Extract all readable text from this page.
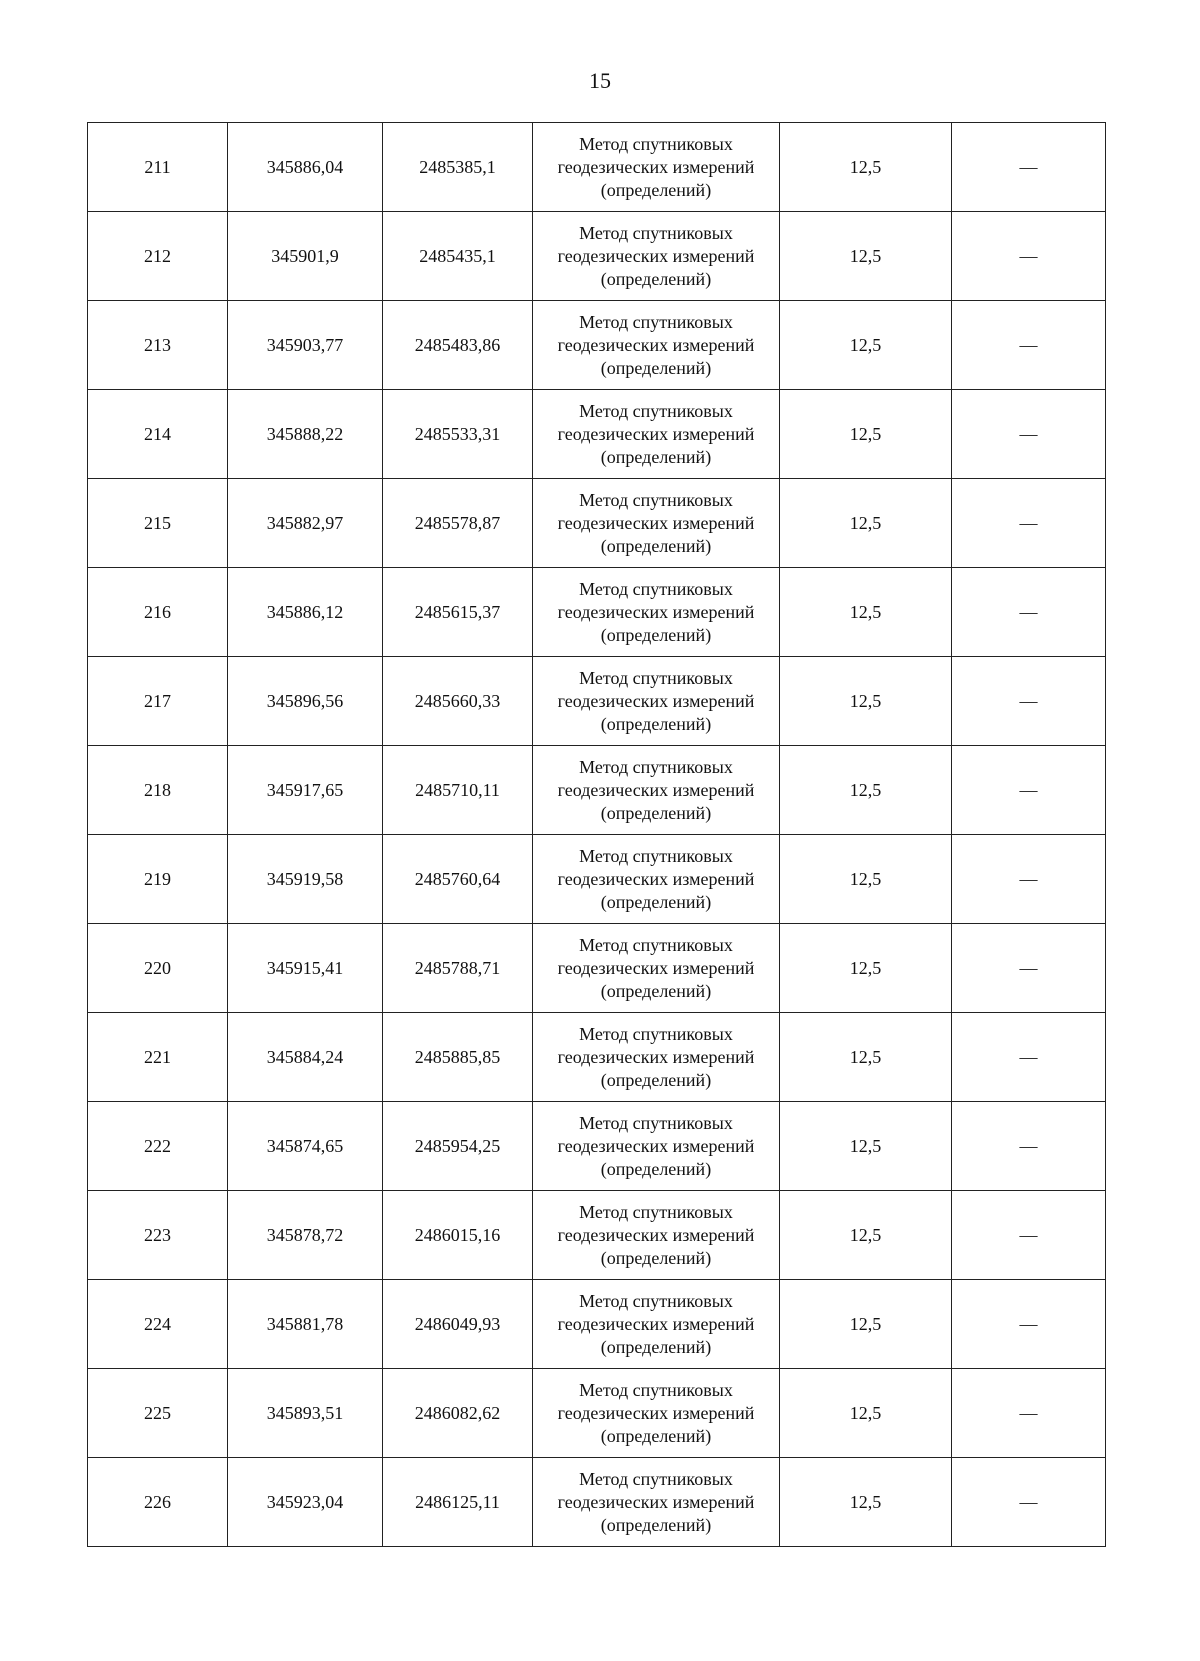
15
211	345886,04	2485385,1	Метод спутниковых геодезических измерений (определений)	12,5	—
212	345901,9	2485435,1	Метод спутниковых геодезических измерений (определений)	12,5	—
213	345903,77	2485483,86	Метод спутниковых геодезических измерений (определений)	12,5	—
214	345888,22	2485533,31	Метод спутниковых геодезических измерений (определений)	12,5	—
215	345882,97	2485578,87	Метод спутниковых геодезических измерений (определений)	12,5	—
216	345886,12	2485615,37	Метод спутниковых геодезических измерений (определений)	12,5	—
217	345896,56	2485660,33	Метод спутниковых геодезических измерений (определений)	12,5	—
218	345917,65	2485710,11	Метод спутниковых геодезических измерений (определений)	12,5	—
219	345919,58	2485760,64	Метод спутниковых геодезических измерений (определений)	12,5	—
220	345915,41	2485788,71	Метод спутниковых геодезических измерений (определений)	12,5	—
221	345884,24	2485885,85	Метод спутниковых геодезических измерений (определений)	12,5	—
222	345874,65	2485954,25	Метод спутниковых геодезических измерений (определений)	12,5	—
223	345878,72	2486015,16	Метод спутниковых геодезических измерений (определений)	12,5	—
224	345881,78	2486049,93	Метод спутниковых геодезических измерений (определений)	12,5	—
225	345893,51	2486082,62	Метод спутниковых геодезических измерений (определений)	12,5	—
226	345923,04	2486125,11	Метод спутниковых геодезических измерений (определений)	12,5	—
